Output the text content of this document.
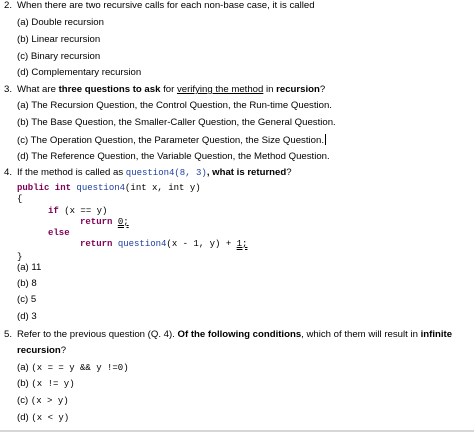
2. When there are two recursive calls for each non-base case, it is called
(a) Double recursion
(b) Linear recursion
(c) Binary recursion
(d) Complementary recursion
3. What are three questions to ask for verifying the method in recursion?
(a) The Recursion Question, the Control Question, the Run-time Question.
(b) The Base Question, the Smaller-Caller Question, the General Question.
(c) The Operation Question, the Parameter Question, the Size Question.
(d) The Reference Question, the Variable Question, the Method Question.
4. If the method is called as question4(8, 3), what is returned?
public int question4(int x, int y)
{
if (x == y)
return 0;
else
return question4(x - 1, y) + 1;
}
(a) 11
(b) 8
(c) 5
(d) 3
5. Refer to the previous question (Q. 4). Of the following conditions, which of them will result in infinite
recursion?
(a) (x = = y && y !=0)
(b) (x != y)
(c) (x > y)
(d) (x < y)
